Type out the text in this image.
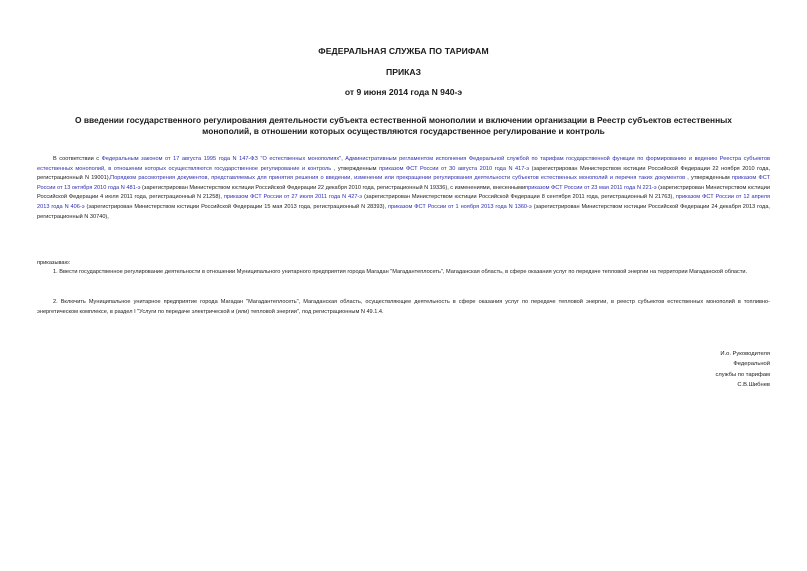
ФЕДЕРАЛЬНАЯ СЛУЖБА ПО ТАРИФАМ
ПРИКАЗ
от 9 июня 2014 года N 940-э
О введении государственного регулирования деятельности субъекта естественной монополии и включении организации в Реестр субъектов естественных монополий, в отношении которых осуществляются государственное регулирование и контроль
В соответствии с Федеральным законом от 17 августа 1995 года N 147-ФЗ "О естественных монополиях", Административным регламентом исполнения Федеральной службой по тарифам государственной функции по формированию и ведению Реестра субъектов естественных монополий, в отношении которых осуществляются государственное регулирование и контроль , утвержденным приказом ФСТ России от 30 августа 2010 года N 417-э (зарегистрирован Министерством юстиции Российской Федерации 22 ноября 2010 года, регистрационный N 19001),Порядком рассмотрения документов, представляемых для принятия решения о введении, изменении или прекращении регулирования деятельности субъектов естественных монополий и перечня таких документов , утвержденным приказом ФСТ России от 13 октября 2010 года N 481-э (зарегистрирован Министерством юстиции Российской Федерации 22 декабря 2010 года, регистрационный N 19336), с изменениями, внесеннымиприказом ФСТ России от 23 мая 2011 года N 221-э (зарегистрирован Министерством юстиции Российской Федерации 4 июля 2011 года, регистрационный N 21258), приказом ФСТ России от 27 июля 2011 года N 427-э (зарегистрирован Министерством юстиции Российской Федерации 8 сентября 2011 года, регистрационный N 21763), приказом ФСТ России от 12 апреля 2013 года N 406-э (зарегистрирован Министерством юстиции Российской Федерации 15 мая 2013 года, регистрационный N 28393), приказом ФСТ России от 1 ноября 2013 года N 1360-э (зарегистрирован Министерством юстиции Российской Федерации 24 декабря 2013 года, регистрационный N 30740),
приказываю:

1. Ввести государственное регулирование деятельности в отношении Муниципального унитарного предприятия города Магадан "Магадантеплосеть", Магаданская область, в сфере оказания услуг по передаче тепловой энергии на территории Магаданской области.

2. Включить Муниципальное унитарное предприятие города Магадан "Магадантеплосеть", Магаданская область, осуществляющее деятельность в сфере оказания услуг по передаче тепловой энергии, в реестр субъектов естественных монополий в топливно-энергетическом комплексе, в раздел I "Услуги по передаче электрической и (или) тепловой энергии", под регистрационным N 49.1.4.

И.о. Руководителя
Федеральной
службы по тарифам
С.В.Шибнев
